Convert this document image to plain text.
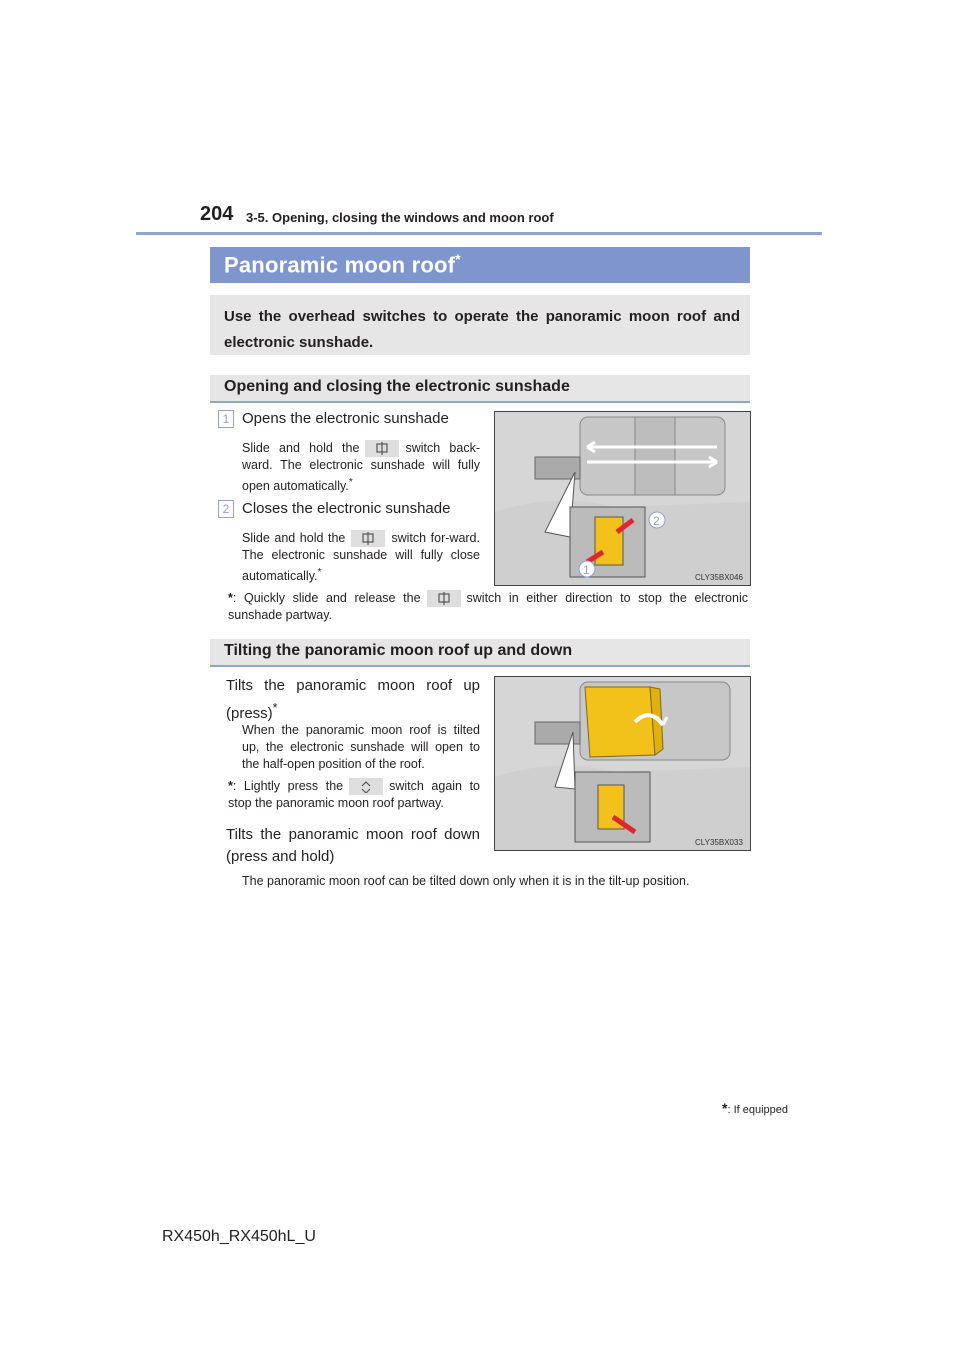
204 3-5. Opening, closing the windows and moon roof
Panoramic moon roof*
Use the overhead switches to operate the panoramic moon roof and electronic sunshade.
Opening and closing the electronic sunshade
1 Opens the electronic sunshade
Slide and hold the	switch back-ward. The electronic sunshade will fully open automatically.*
2 Closes the electronic sunshade
Slide and hold the	switch for-ward. The electronic sunshade will fully close automatically.*
2
1
CLY35BX046
*: Quickly slide and release the	switch in either direction to stop the electronic sunshade partway.
Tilting the panoramic moon roof up and down
Tilts the panoramic moon roof up (press)*
When the panoramic moon roof is tilted up, the electronic sunshade will open to the half-open position of the roof.
*: Lightly press the	switch again to stop the panoramic moon roof partway.
Tilts the panoramic moon roof down (press and hold)
The panoramic moon roof can be tilted down only when it is in the tilt-up position.
CLY35BX033
*: If equipped
RX450h_RX450hL_U
